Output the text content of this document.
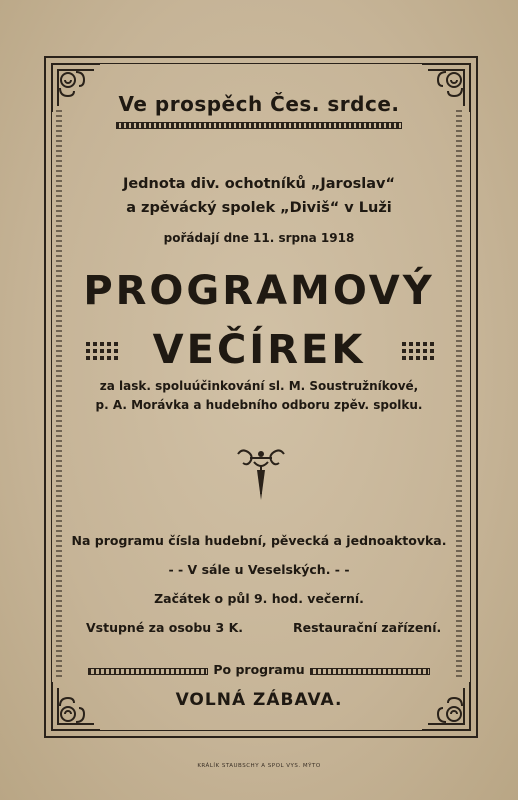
Ve prospěch Čes. srdce.
Jednota div. ochotníků „Jaroslav“
a zpěvácký spolek „Diviš“ v Luži
pořádají dne 11. srpna 1918
PROGRAMOVÝ
VEČÍREK
za lask. spoluúčinkování sl. M. Soustružníkové,
p. A. Morávka a hudebního odboru zpěv. spolku.
Na programu čísla hudební, pěvecká a jednoaktovka.
- - V sále u Veselských. - -
Začátek o půl 9. hod. večerní.
Vstupné za osobu 3 K.	Restaurační zařízení.
Po programu
VOLNÁ ZÁBAVA.
KRÁLÍK STAUBSCHY A SPOL VYS. MÝTO
